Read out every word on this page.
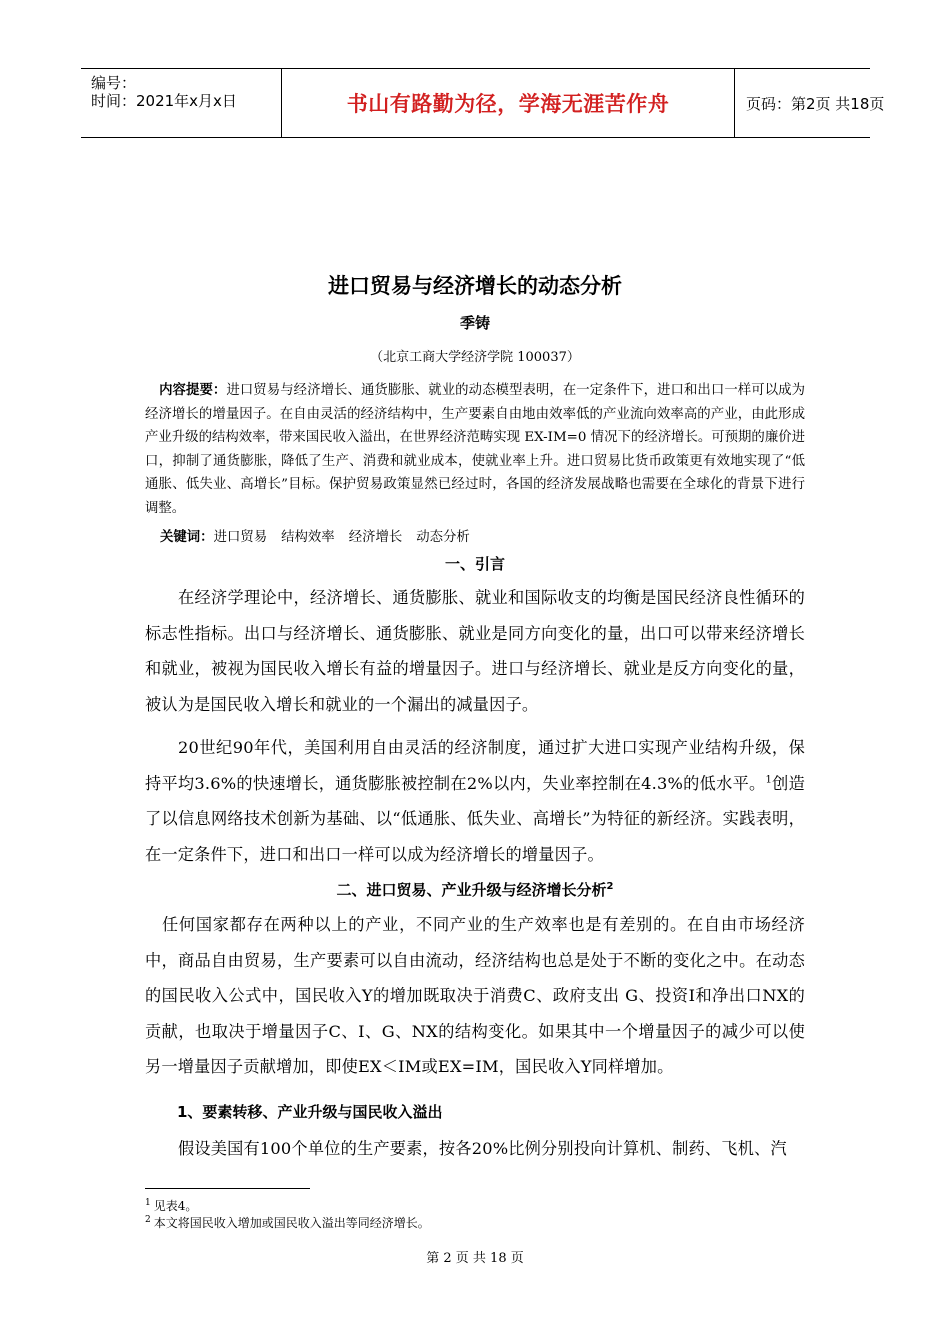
编号：
时间：2021年x月x日	书山有路勤为径，学海无涯苦作舟	页码：第2页 共18页
进口贸易与经济增长的动态分析
季铸
（北京工商大学经济学院 100037）
内容提要：进口贸易与经济增长、通货膨胀、就业的动态模型表明，在一定条件下，进口和出口一样可以成为经济增长的增量因子。在自由灵活的经济结构中，生产要素自由地由效率低的产业流向效率高的产业，由此形成产业升级的结构效率，带来国民收入溢出，在世界经济范畴实现 EX-IM=0 情况下的经济增长。可预期的廉价进口，抑制了通货膨胀，降低了生产、消费和就业成本，使就业率上升。进口贸易比货币政策更有效地实现了“低通胀、低失业、高增长”目标。保护贸易政策显然已经过时，各国的经济发展战略也需要在全球化的背景下进行调整。
关键词：进口贸易 结构效率 经济增长 动态分析
一、引言
在经济学理论中，经济增长、通货膨胀、就业和国际收支的均衡是国民经济良性循环的标志性指标。出口与经济增长、通货膨胀、就业是同方向变化的量，出口可以带来经济增长和就业，被视为国民收入增长有益的增量因子。进口与经济增长、就业是反方向变化的量，被认为是国民收入增长和就业的一个漏出的减量因子。
20世纪90年代，美国利用自由灵活的经济制度，通过扩大进口实现产业结构升级，保持平均3.6%的快速增长，通货膨胀被控制在2%以内，失业率控制在4.3%的低水平。$^1$创造了以信息网络技术创新为基础、以“低通胀、低失业、高增长”为特征的新经济。实践表明，在一定条件下，进口和出口一样可以成为经济增长的增量因子。
二、进口贸易、产业升级与经济增长分析$^2$
任何国家都存在两种以上的产业，不同产业的生产效率也是有差别的。在自由市场经济中，商品自由贸易，生产要素可以自由流动，经济结构也总是处于不断的变化之中。在动态的国民收入公式中，国民收入Y的增加既取决于消费C、政府支出 G、投资I和净出口NX的贡献，也取决于增量因子C、I、G、NX的结构变化。如果其中一个增量因子的减少可以使另一增量因子贡献增加，即使EX＜IM或EX=IM，国民收入Y同样增加。
1、要素转移、产业升级与国民收入溢出
假设美国有100个单位的生产要素，按各20%比例分别投向计算机、制药、飞机、汽
$^1$ 见表4。
$^2$ 本文将国民收入增加或国民收入溢出等同经济增长。
第 2 页 共 18 页
